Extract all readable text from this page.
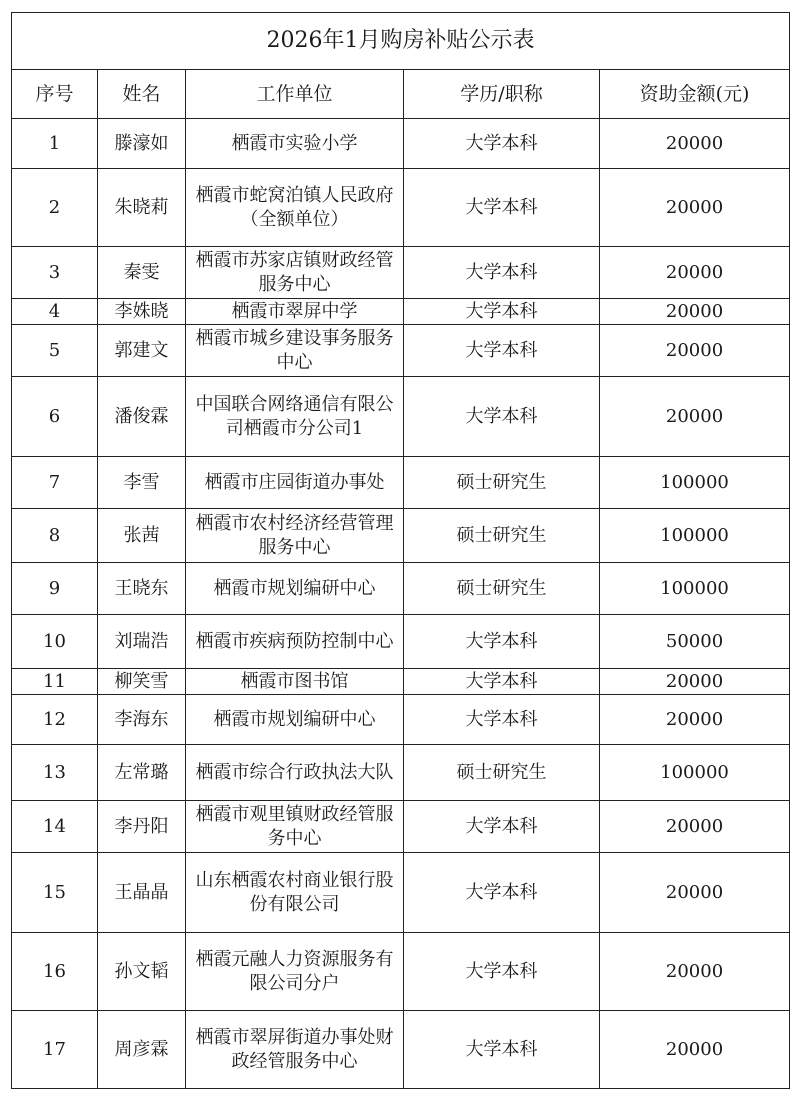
2026年1月购房补贴公示表				
序号	姓名	工作单位	学历/职称	资助金额(元)
1	滕濠如	栖霞市实验小学	大学本科	20000
2	朱晓莉	栖霞市蛇窝泊镇人民政府（全额单位）	大学本科	20000
3	秦雯	栖霞市苏家店镇财政经管服务中心	大学本科	20000
4	李姝晓	栖霞市翠屏中学	大学本科	20000
5	郭建文	栖霞市城乡建设事务服务中心	大学本科	20000
6	潘俊霖	中国联合网络通信有限公司栖霞市分公司1	大学本科	20000
7	李雪	栖霞市庄园街道办事处	硕士研究生	100000
8	张茜	栖霞市农村经济经营管理服务中心	硕士研究生	100000
9	王晓东	栖霞市规划编研中心	硕士研究生	100000
10	刘瑞浩	栖霞市疾病预防控制中心	大学本科	50000
11	柳笑雪	栖霞市图书馆	大学本科	20000
12	李海东	栖霞市规划编研中心	大学本科	20000
13	左常璐	栖霞市综合行政执法大队	硕士研究生	100000
14	李丹阳	栖霞市观里镇财政经管服务中心	大学本科	20000
15	王晶晶	山东栖霞农村商业银行股份有限公司	大学本科	20000
16	孙文韬	栖霞元融人力资源服务有限公司分户	大学本科	20000
17	周彦霖	栖霞市翠屏街道办事处财政经管服务中心	大学本科	20000
